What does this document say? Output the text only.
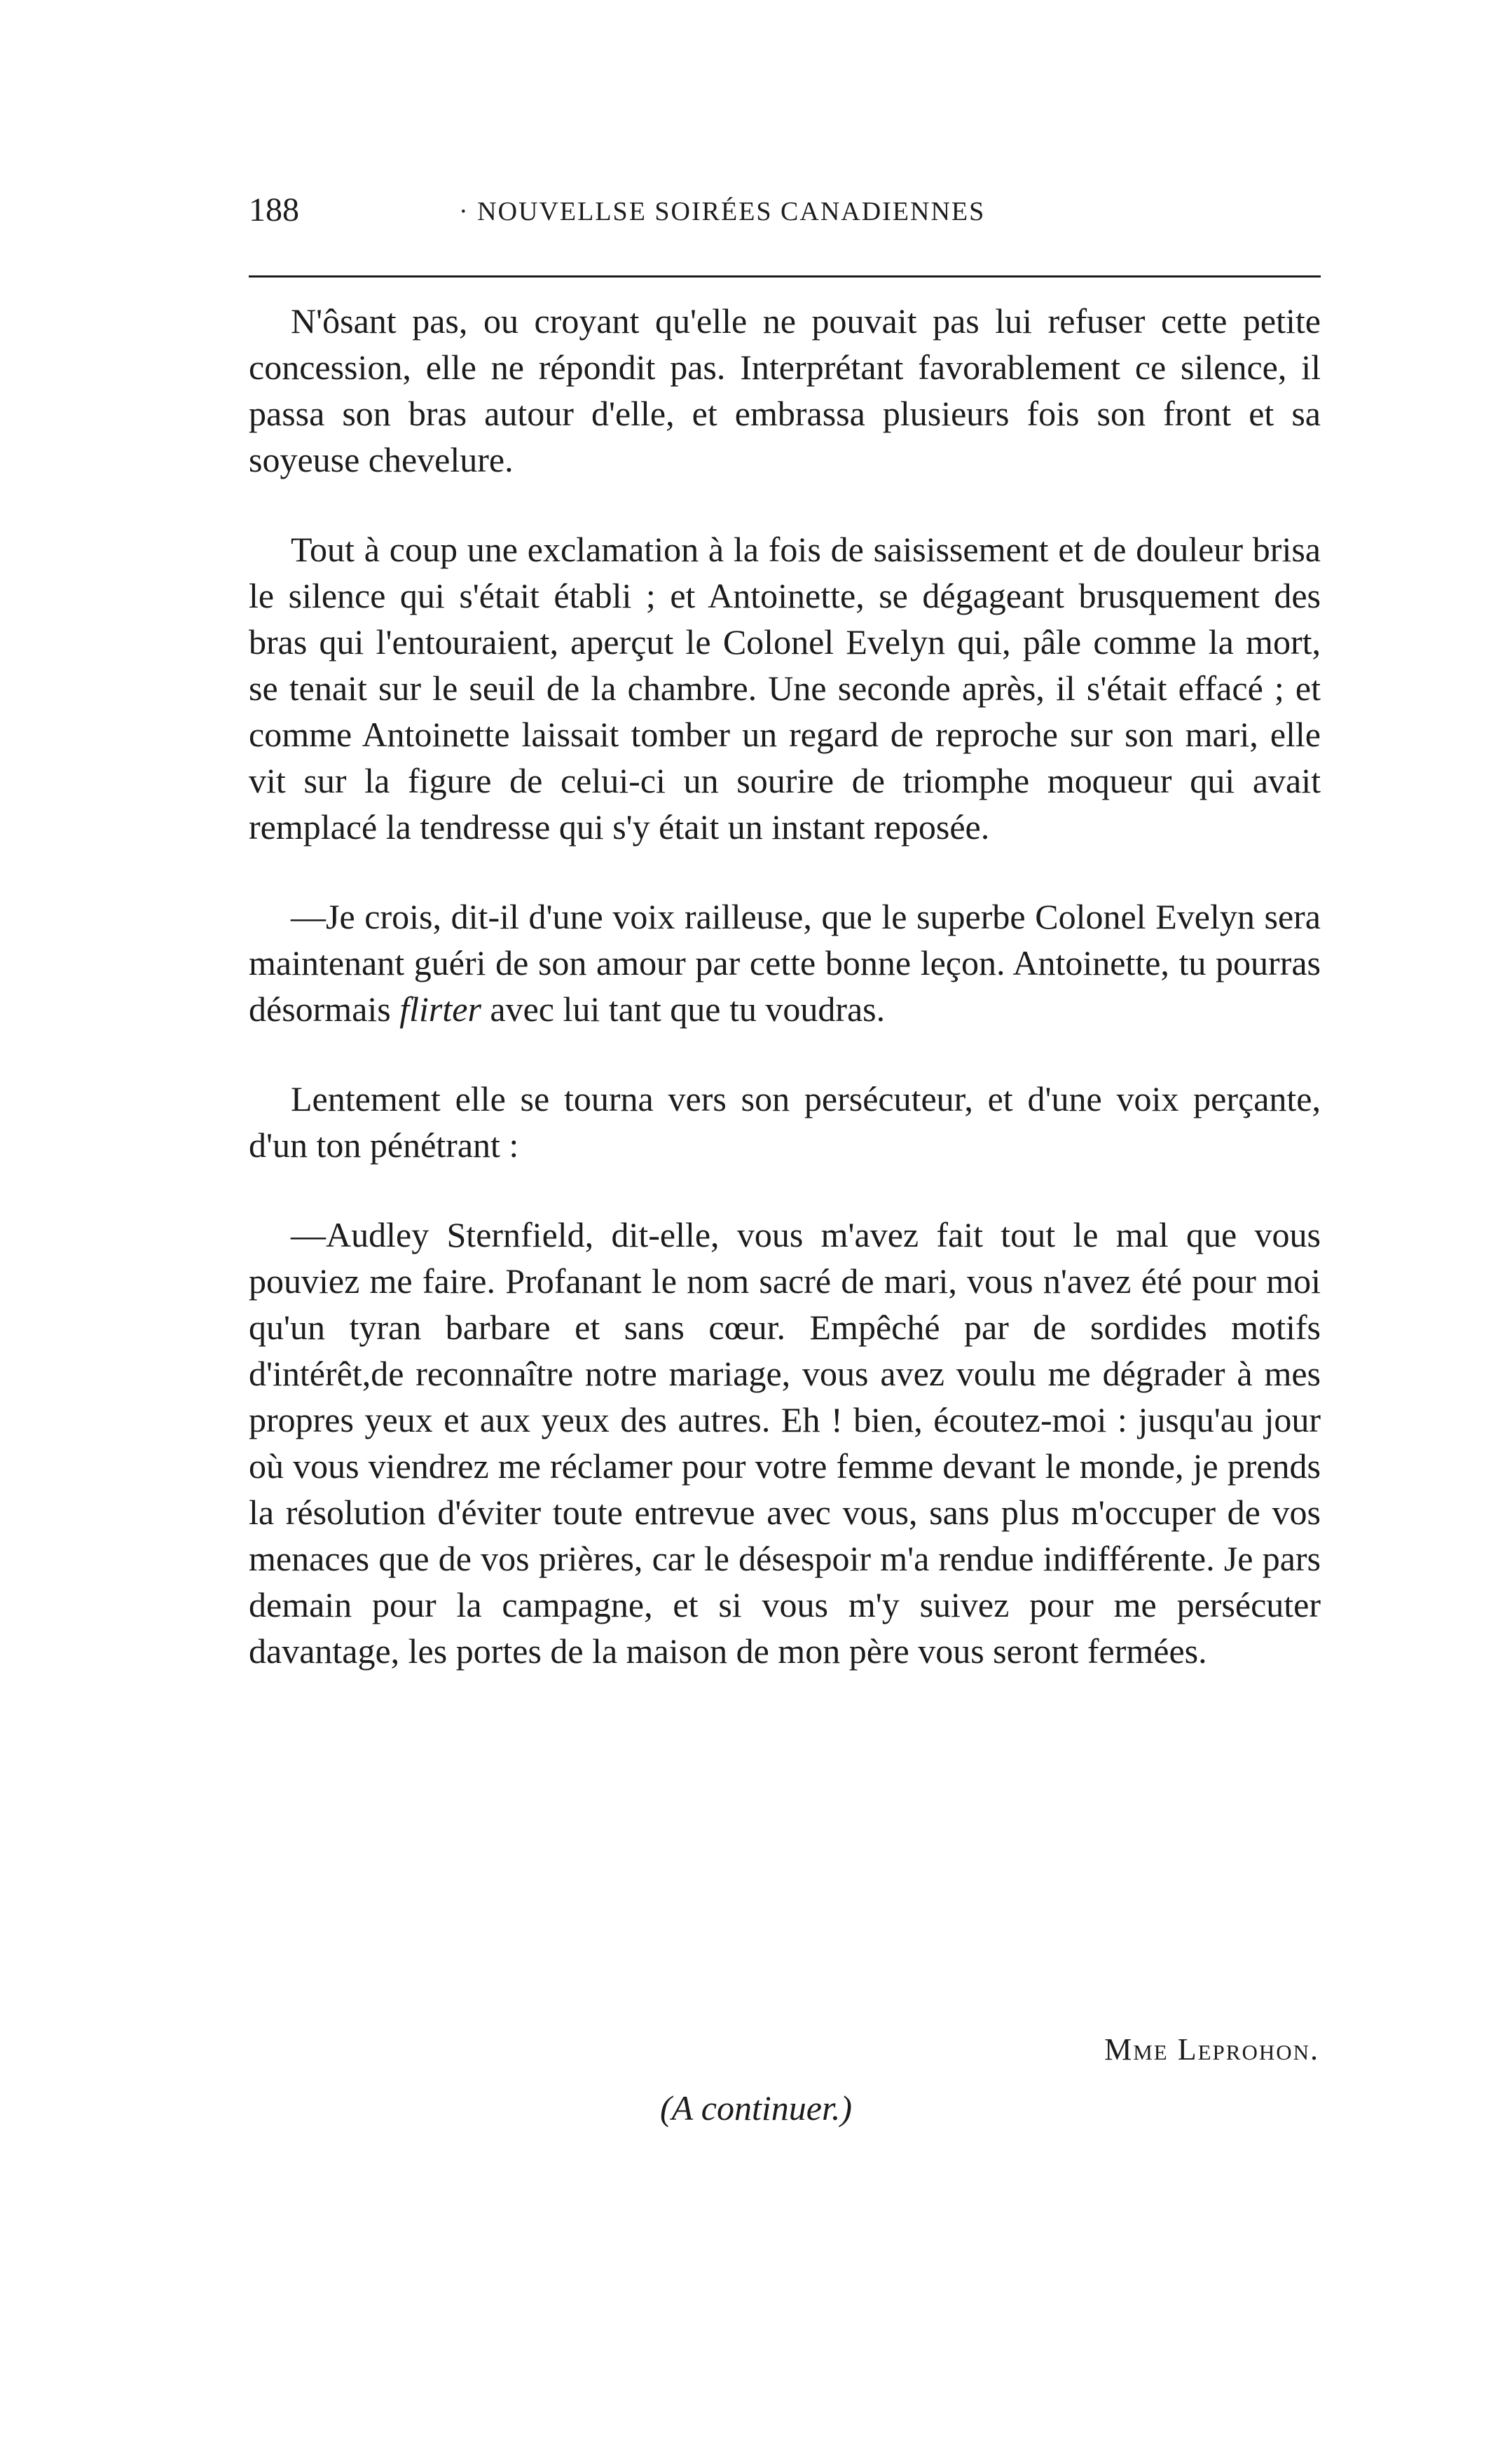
188	· NOUVELLSE SOIRÉES CANADIENNES

N'ôsant pas, ou croyant qu'elle ne pouvait pas lui refuser cette petite concession, elle ne répondit pas. Interprétant favorablement ce silence, il passa son bras autour d'elle, et embrassa plusieurs fois son front et sa soyeuse chevelure.

Tout à coup une exclamation à la fois de saisissement et de douleur brisa le silence qui s'était établi ; et Antoinette, se dégageant brusquement des bras qui l'entouraient, aperçut le Colonel Evelyn qui, pâle comme la mort, se tenait sur le seuil de la chambre. Une seconde après, il s'était effacé ; et comme Antoinette laissait tomber un regard de reproche sur son mari, elle vit sur la figure de celui-ci un sourire de triomphe moqueur qui avait remplacé la tendresse qui s'y était un instant reposée.

—Je crois, dit-il d'une voix railleuse, que le superbe Colonel Evelyn sera maintenant guéri de son amour par cette bonne leçon. Antoinette, tu pourras désormais flirter avec lui tant que tu voudras.

Lentement elle se tourna vers son persécuteur, et d'une voix perçante, d'un ton pénétrant :

—Audley Sternfield, dit-elle, vous m'avez fait tout le mal que vous pouviez me faire. Profanant le nom sacré de mari, vous n'avez été pour moi qu'un tyran barbare et sans cœur. Empêché par de sordides motifs d'intérêt,de reconnaître notre mariage, vous avez voulu me dégrader à mes propres yeux et aux yeux des autres. Eh ! bien, écoutez-moi : jusqu'au jour où vous viendrez me réclamer pour votre femme devant le monde, je prends la résolution d'éviter toute entrevue avec vous, sans plus m'occuper de vos menaces que de vos prières, car le désespoir m'a rendue indifférente. Je pars demain pour la campagne, et si vous m'y suivez pour me persécuter davantage, les portes de la maison de mon père vous seront fermées.

Mme Leprohon.
(A continuer.)
